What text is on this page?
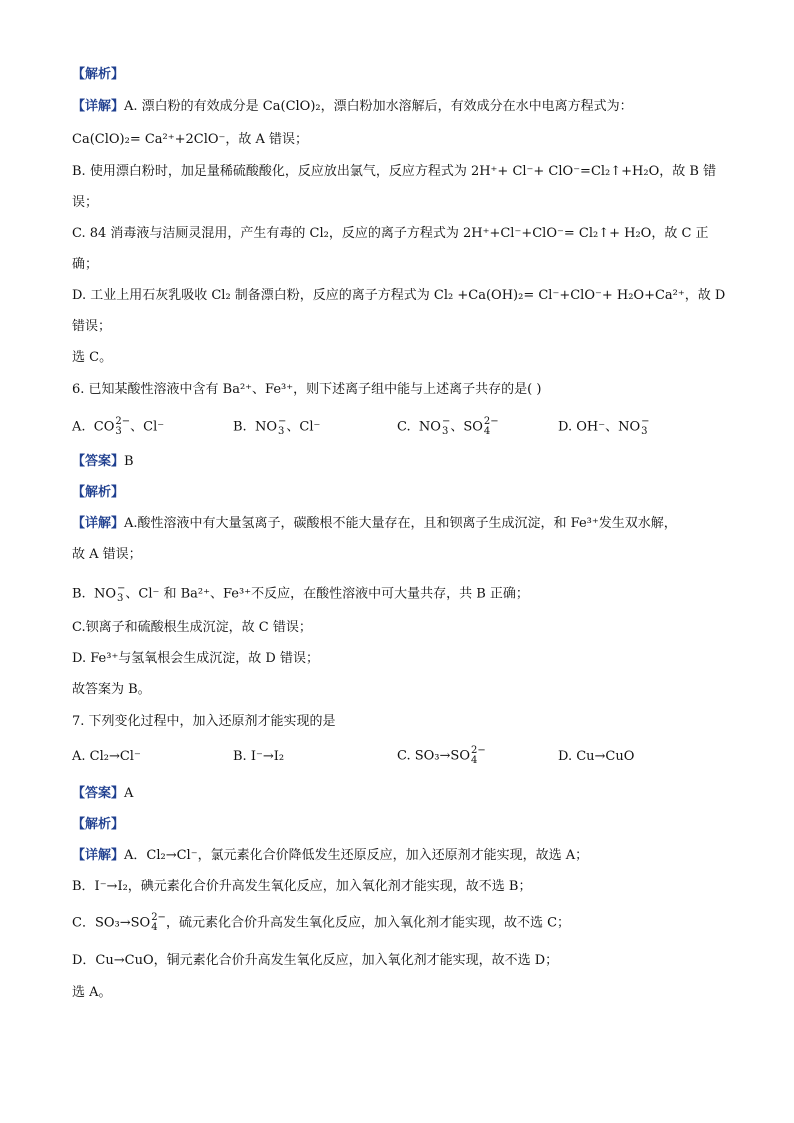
【解析】
【详解】A. 漂白粉的有效成分是 Ca(ClO)₂，漂白粉加水溶解后，有效成分在水中电离方程式为：
Ca(ClO)₂= Ca²⁺+2ClO⁻，故 A 错误；
B. 使用漂白粉时，加足量稀硫酸酸化，反应放出氯气，反应方程式为 2H⁺+ Cl⁻+ ClO⁻=Cl₂↑+H₂O，故 B 错
误；
C. 84 消毒液与洁厕灵混用，产生有毒的 Cl₂，反应的离子方程式为 2H⁺+Cl⁻+ClO⁻= Cl₂↑+ H₂O，故 C 正
确；
D. 工业上用石灰乳吸收 Cl₂ 制备漂白粉，反应的离子方程式为 Cl₂ +Ca(OH)₂= Cl⁻+ClO⁻+ H₂O+Ca²⁺，故 D
错误；
选 C。
6. 已知某酸性溶液中含有 Ba²⁺、Fe³⁺，则下述离子组中能与上述离子共存的是( )
A. CO2−
3 、Cl⁻	B. NO−
3 、Cl⁻	C. NO−
3 、SO2−
4	D. OH⁻、NO−
3
【答案】B
【解析】
【详解】A.酸性溶液中有大量氢离子，碳酸根不能大量存在，且和钡离子生成沉淀，和 Fe³⁺发生双水解，
故 A 错误；
B. NO−
3 、Cl⁻ 和 Ba²⁺、Fe³⁺不反应，在酸性溶液中可大量共存，共 B 正确；
C.钡离子和硫酸根生成沉淀，故 C 错误；
D. Fe³⁺与氢氧根会生成沉淀，故 D 错误；
故答案为 B。
7. 下列变化过程中，加入还原剂才能实现的是
A. Cl₂→Cl⁻	B. I⁻→I₂	C. SO₃→SO2−
4	D. Cu→CuO
【答案】A
【解析】
【详解】A．Cl₂→Cl⁻，氯元素化合价降低发生还原反应，加入还原剂才能实现，故选 A；
B．I⁻→I₂，碘元素化合价升高发生氧化反应，加入氧化剂才能实现，故不选 B；
C．SO₃→SO2−
4 ，硫元素化合价升高发生氧化反应，加入氧化剂才能实现，故不选 C；
D．Cu→CuO，铜元素化合价升高发生氧化反应，加入氧化剂才能实现，故不选 D；
选 A。
